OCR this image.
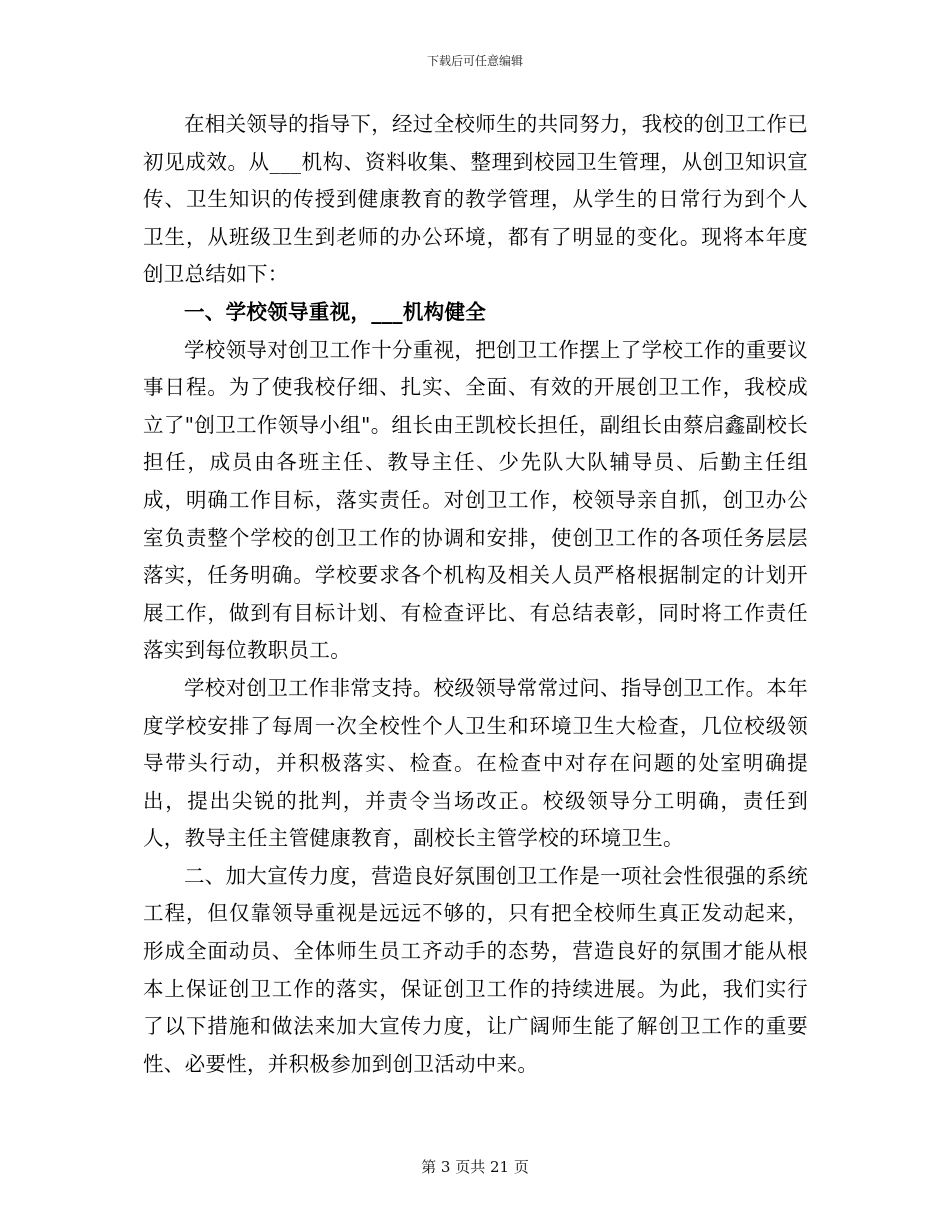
下载后可任意编辑

在相关领导的指导下，经过全校师生的共同努力，我校的创卫工作已初见成效。从___机构、资料收集、整理到校园卫生管理，从创卫知识宣传、卫生知识的传授到健康教育的教学管理，从学生的日常行为到个人卫生，从班级卫生到老师的办公环境，都有了明显的变化。现将本年度创卫总结如下：

一、学校领导重视，___机构健全

学校领导对创卫工作十分重视，把创卫工作摆上了学校工作的重要议事日程。为了使我校仔细、扎实、全面、有效的开展创卫工作，我校成立了"创卫工作领导小组"。组长由王凯校长担任，副组长由蔡启鑫副校长担任，成员由各班主任、教导主任、少先队大队辅导员、后勤主任组成，明确工作目标，落实责任。对创卫工作，校领导亲自抓，创卫办公室负责整个学校的创卫工作的协调和安排，使创卫工作的各项任务层层落实，任务明确。学校要求各个机构及相关人员严格根据制定的计划开展工作，做到有目标计划、有检查评比、有总结表彰，同时将工作责任落实到每位教职员工。

学校对创卫工作非常支持。校级领导常常过问、指导创卫工作。本年度学校安排了每周一次全校性个人卫生和环境卫生大检查，几位校级领导带头行动，并积极落实、检查。在检查中对存在问题的处室明确提出，提出尖锐的批判，并责令当场改正。校级领导分工明确，责任到人，教导主任主管健康教育，副校长主管学校的环境卫生。

二、加大宣传力度，营造良好氛围创卫工作是一项社会性很强的系统工程，但仅靠领导重视是远远不够的，只有把全校师生真正发动起来，形成全面动员、全体师生员工齐动手的态势，营造良好的氛围才能从根本上保证创卫工作的落实，保证创卫工作的持续进展。为此，我们实行了以下措施和做法来加大宣传力度，让广阔师生能了解创卫工作的重要性、必要性，并积极参加到创卫活动中来。

第 3 页共 21 页
